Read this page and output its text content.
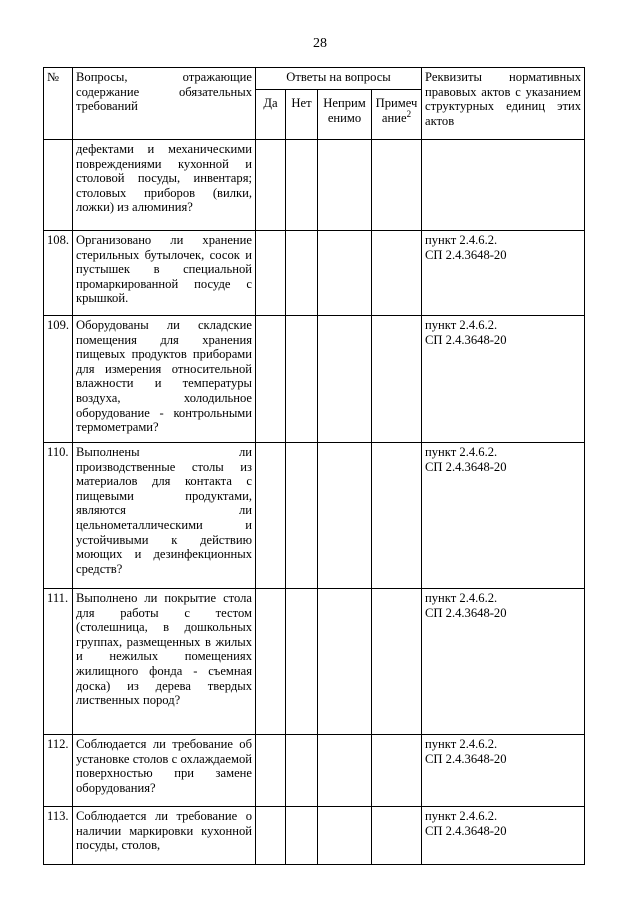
28
№	Вопросы, отражающие содержание обязательных требований	Ответы на вопросы				Реквизиты нормативных правовых актов с указанием структурных единиц этих актов

		Да	Нет	Неприм енимо	Примеч ание$^2$

	дефектами и механическими повреждениями кухонной и столовой посуды, инвентаря; столовых приборов (вилки, ложки) из алюминия?					

108.	Организовано ли хранение стерильных бутылочек, сосок и пустышек в специальной промаркированной посуде с крышкой.					пункт 2.4.6.2.
СП 2.4.3648-20

109.	Оборудованы ли складские помещения для хранения пищевых продуктов приборами для измерения относительной влажности и температуры воздуха, холодильное оборудование - контрольными термометрами?					пункт 2.4.6.2.
СП 2.4.3648-20

110.	Выполнены ли производственные столы из материалов для контакта с пищевыми продуктами, являются ли цельнометаллическими и устойчивыми к действию моющих и дезинфекционных средств?					пункт 2.4.6.2.
СП 2.4.3648-20

111.	Выполнено ли покрытие стола для работы с тестом (столешница, в дошкольных группах, размещенных в жилых и нежилых помещениях жилищного фонда - съемная доска) из дерева твердых лиственных пород?					пункт 2.4.6.2.
СП 2.4.3648-20

112.	Соблюдается ли требование об установке столов с охлаждаемой поверхностью при замене оборудования?					пункт 2.4.6.2.
СП 2.4.3648-20

113.	Соблюдается ли требование о наличии маркировки кухонной посуды, столов,					пункт 2.4.6.2.
СП 2.4.3648-20
